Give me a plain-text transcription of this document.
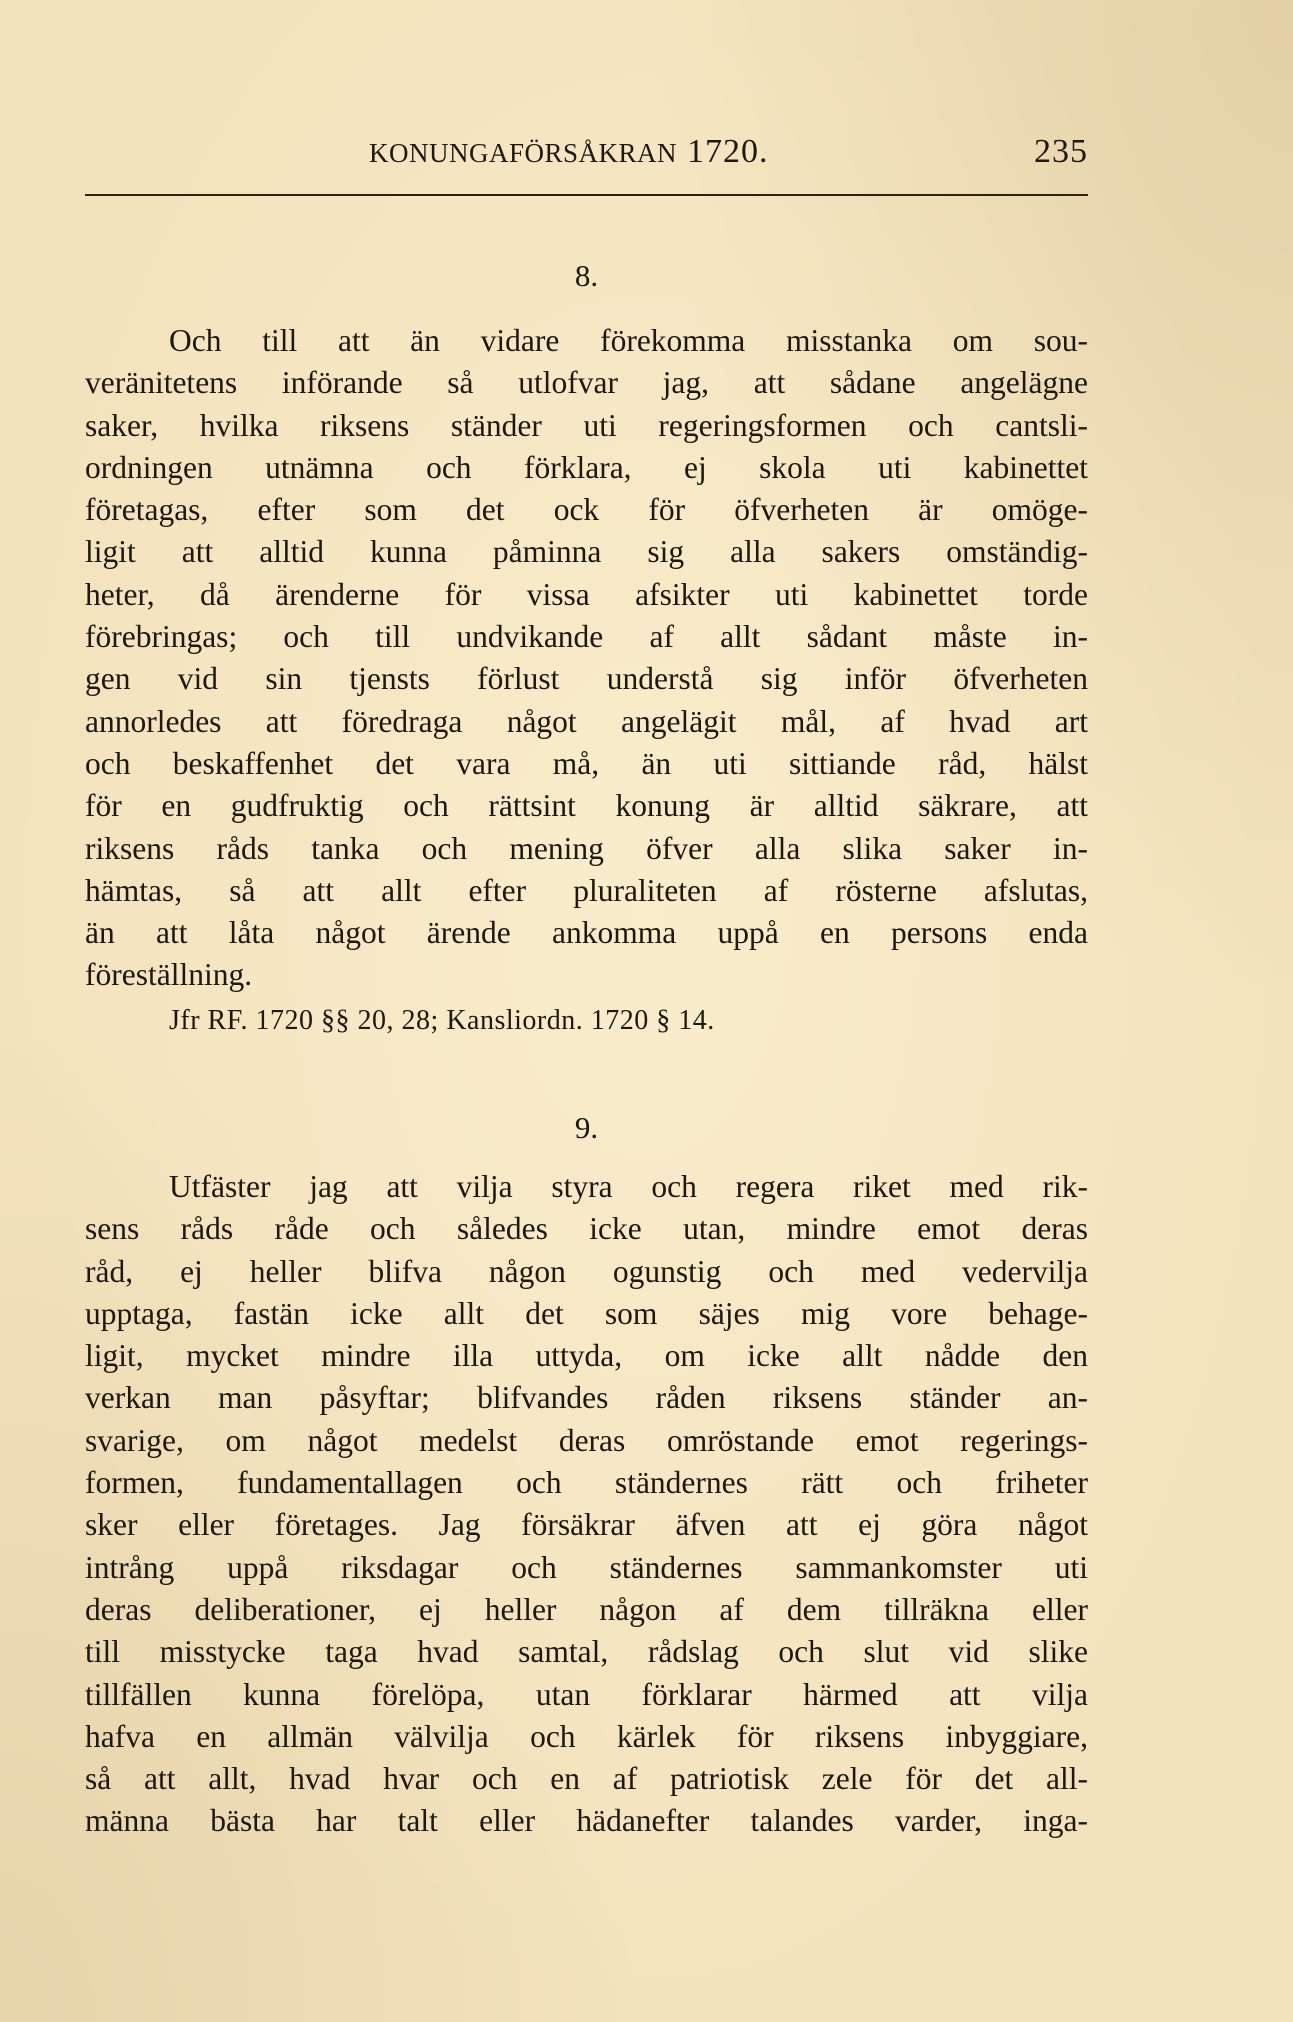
KONUNGAFÖRSÅKRAN 1720.	235
8.
Och till att än vidare förekomma misstanka om sou-
veränitetens införande så utlofvar jag, att sådane angelägne
saker, hvilka riksens ständer uti regeringsformen och cantsli-
ordningen utnämna och förklara, ej skola uti kabinettet
företagas, efter som det ock för öfverheten är omöge-
ligit att alltid kunna påminna sig alla sakers omständig-
heter, då ärenderne för vissa afsikter uti kabinettet torde
förebringas; och till undvikande af allt sådant måste in-
gen vid sin tjensts förlust understå sig inför öfverheten
annorledes att föredraga något angelägit mål, af hvad art
och beskaffenhet det vara må, än uti sittiande råd, hälst
för en gudfruktig och rättsint konung är alltid säkrare, att
riksens råds tanka och mening öfver alla slika saker in-
hämtas, så att allt efter pluraliteten af rösterne afslutas,
än att låta något ärende ankomma uppå en persons enda
föreställning.
Jfr RF. 1720 §§ 20, 28; Kansliordn. 1720 § 14.
9.
Utfäster jag att vilja styra och regera riket med rik-
sens råds råde och således icke utan, mindre emot deras
råd, ej heller blifva någon ogunstig och med vedervilja
upptaga, fastän icke allt det som säjes mig vore behage-
ligit, mycket mindre illa uttyda, om icke allt nådde den
verkan man påsyftar; blifvandes råden riksens ständer an-
svarige, om något medelst deras omröstande emot regerings-
formen, fundamentallagen och ständernes rätt och friheter
sker eller företages. Jag försäkrar äfven att ej göra något
intrång uppå riksdagar och ständernes sammankomster uti
deras deliberationer, ej heller någon af dem tillräkna eller
till misstycke taga hvad samtal, rådslag och slut vid slike
tillfällen kunna förelöpa, utan förklarar härmed att vilja
hafva en allmän välvilja och kärlek för riksens inbyggiare,
så att allt, hvad hvar och en af patriotisk zele för det all-
männa bästa har talt eller hädanefter talandes varder, inga-
